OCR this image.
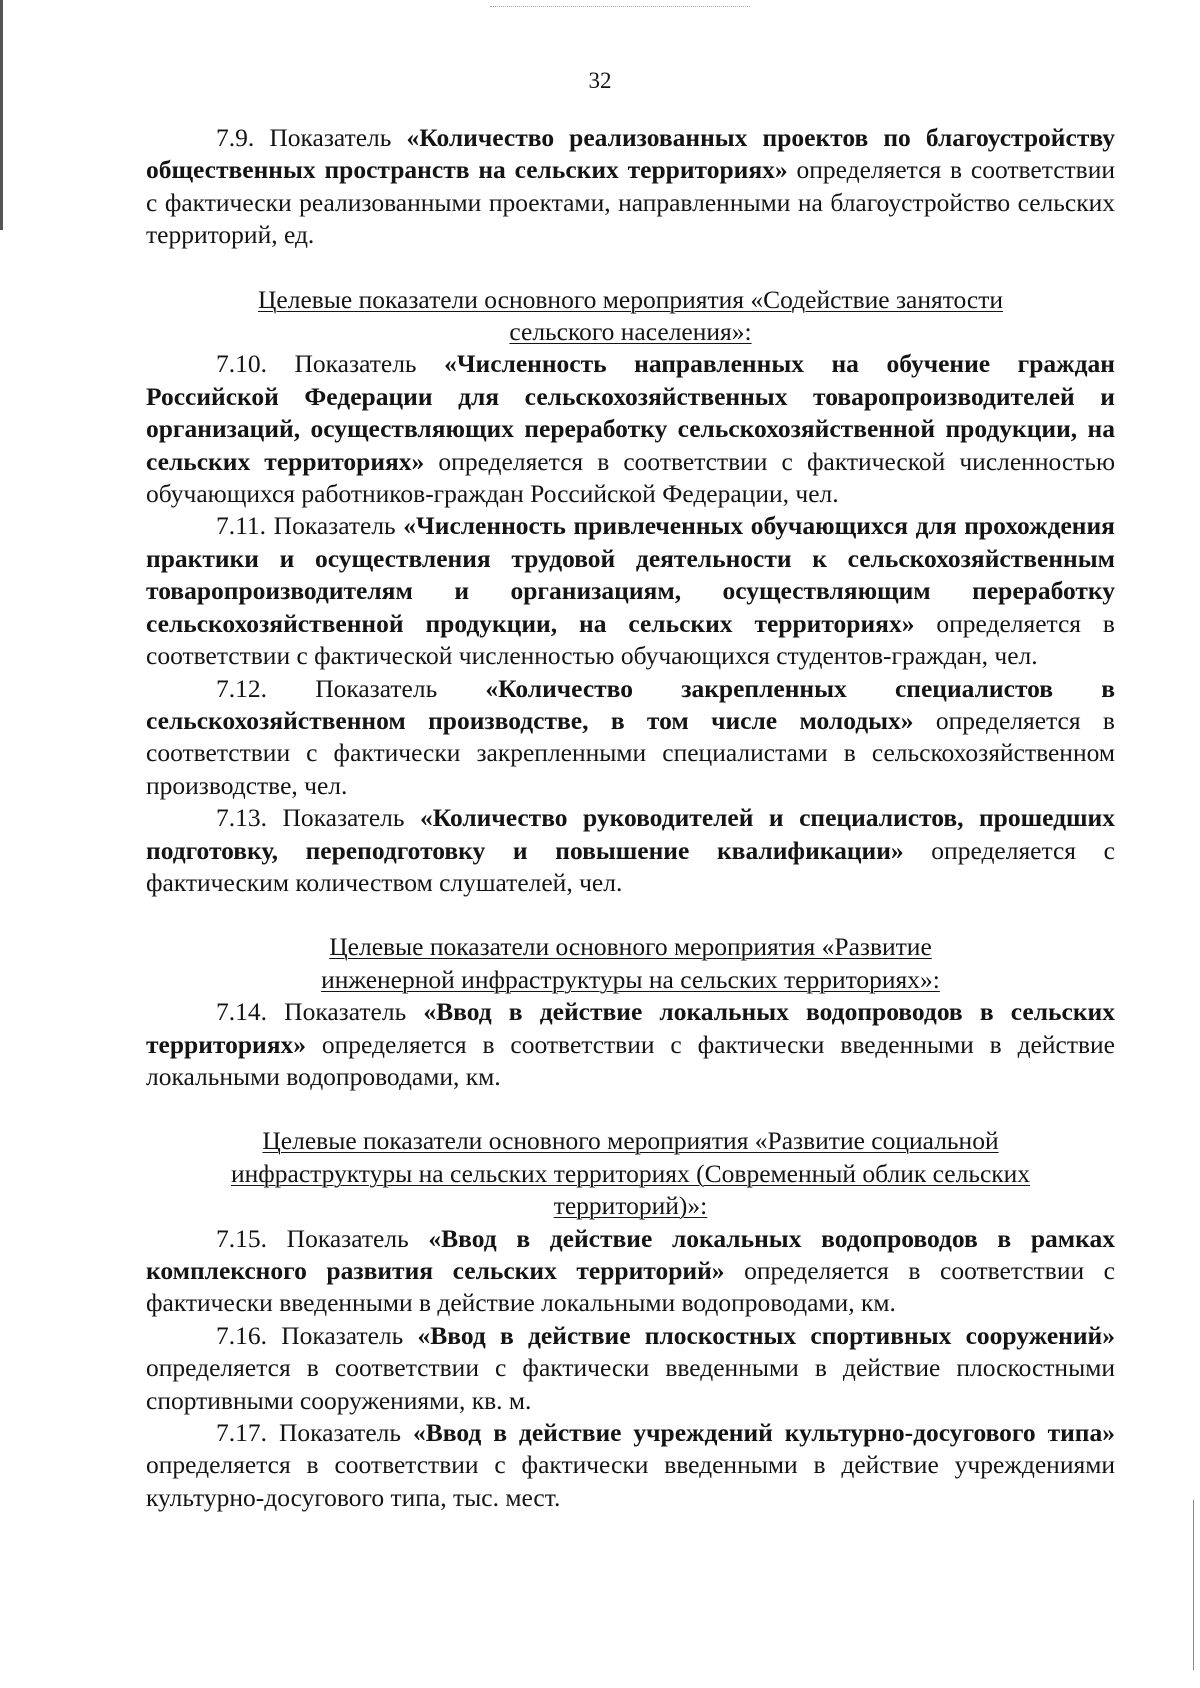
32

7.9. Показатель «Количество реализованных проектов по благоустройству общественных пространств на сельских территориях» определяется в соответствии с фактически реализованными проектами, направленными на благоустройство сельских территорий, ед.

Целевые показатели основного мероприятия «Содействие занятости сельского населения»:

7.10. Показатель «Численность направленных на обучение граждан Российской Федерации для сельскохозяйственных товаропроизводителей и организаций, осуществляющих переработку сельскохозяйственной продукции, на сельских территориях» определяется в соответствии с фактической численностью обучающихся работников-граждан Российской Федерации, чел.

7.11. Показатель «Численность привлеченных обучающихся для прохождения практики и осуществления трудовой деятельности к сельскохозяйственным товаропроизводителям и организациям, осуществляющим переработку сельскохозяйственной продукции, на сельских территориях» определяется в соответствии с фактической численностью обучающихся студентов-граждан, чел.

7.12. Показатель «Количество закрепленных специалистов в сельскохозяйственном производстве, в том числе молодых» определяется в соответствии с фактически закрепленными специалистами в сельскохозяйственном производстве, чел.

7.13. Показатель «Количество руководителей и специалистов, прошедших подготовку, переподготовку и повышение квалификации» определяется с фактическим количеством слушателей, чел.

Целевые показатели основного мероприятия «Развитие инженерной инфраструктуры на сельских территориях»:

7.14. Показатель «Ввод в действие локальных водопроводов в сельских территориях» определяется в соответствии с фактически введенными в действие локальными водопроводами, км.

Целевые показатели основного мероприятия «Развитие социальной инфраструктуры на сельских территориях (Современный облик сельских территорий)»:

7.15. Показатель «Ввод в действие локальных водопроводов в рамках комплексного развития сельских территорий» определяется в соответствии с фактически введенными в действие локальными водопроводами, км.

7.16. Показатель «Ввод в действие плоскостных спортивных сооружений» определяется в соответствии с фактически введенными в действие плоскостными спортивными сооружениями, кв. м.

7.17. Показатель «Ввод в действие учреждений культурно-досугового типа» определяется в соответствии с фактически введенными в действие учреждениями культурно-досугового типа, тыс. мест.
